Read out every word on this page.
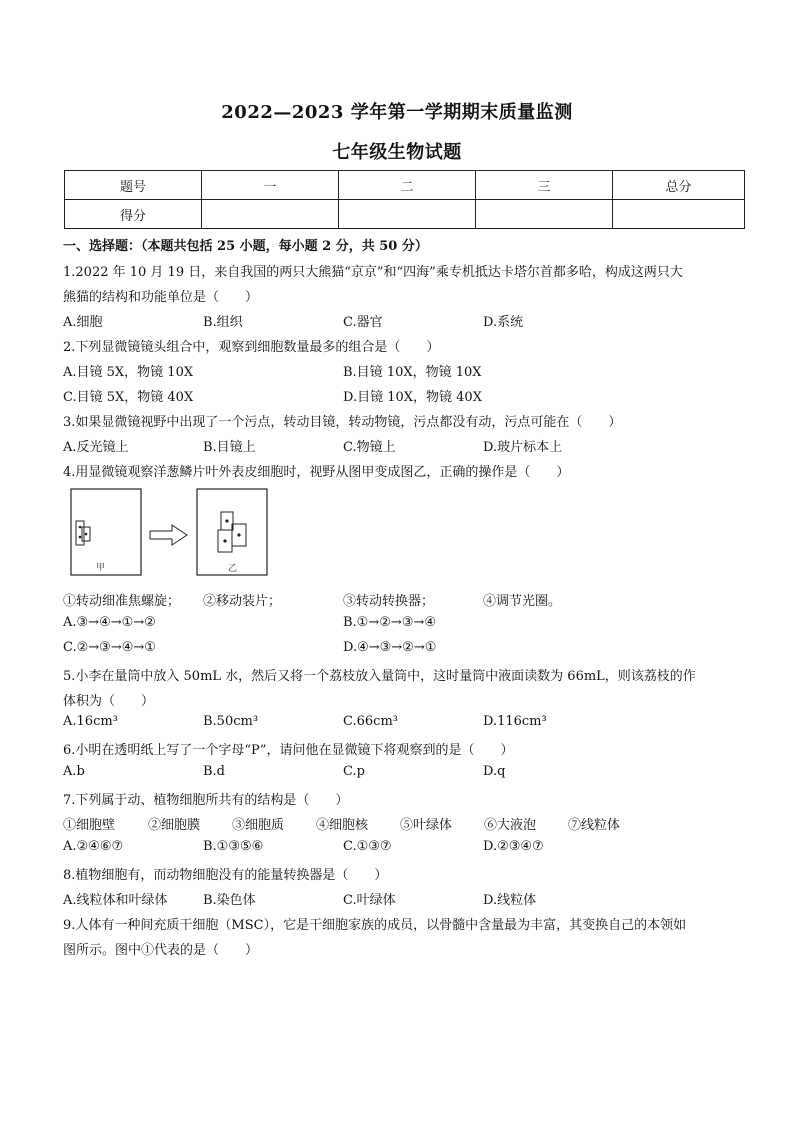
2022—2023 学年第一学期期末质量监测
七年级生物试题
题号	一	二	三	总分
得分				
一、选择题：（本题共包括 25 小题，每小题 2 分，共 50 分）
1.2022 年 10 月 19 日，来自我国的两只大熊猫“京京”和“四海”乘专机抵达卡塔尔首都多哈，构成这两只大
熊猫的结构和功能单位是（　　）
A.细胞	B.组织	C.器官	D.系统
2.下列显微镜镜头组合中，观察到细胞数量最多的组合是（　　）
A.目镜 5X，物镜 10X	B.目镜 10X，物镜 10X
C.目镜 5X，物镜 40X	D.目镜 10X，物镜 40X
3.如果显微镜视野中出现了一个污点，转动目镜，转动物镜，污点都没有动，污点可能在（　　）
A.反光镜上	B.目镜上	C.物镜上	D.玻片标本上
4.用显微镜观察洋葱鳞片叶外表皮细胞时，视野从图甲变成图乙，正确的操作是（　　）
甲	乙
①转动细准焦螺旋； ②移动装片；	③转动转换器；	④调节光圈。
A.③→④→①→②	B.①→②→③→④
C.②→③→④→①	D.④→③→②→①
5.小李在量筒中放入 50mL 水，然后又将一个荔枝放入量筒中，这时量筒中液面读数为 66mL，则该荔枝的作
体积为（　　）
A.16cm³	B.50cm³	C.66cm³	D.116cm³
6.小明在透明纸上写了一个字母“P”，请问他在显微镜下将观察到的是（　　）
A.b	B.d	C.p	D.q
7.下列属于动、植物细胞所共有的结构是（　　）
①细胞壁	②细胞膜 ③细胞质 ④细胞核 ⑤叶绿体 ⑥大液泡 ⑦线粒体
A.②④⑥⑦	B.①③⑤⑥	C.①③⑦	D.②③④⑦
8.植物细胞有，而动物细胞没有的能量转换器是（　　）
A.线粒体和叶绿体	B.染色体	C.叶绿体	D.线粒体
9.人体有一种间充质干细胞（MSC），它是干细胞家族的成员，以骨髓中含量最为丰富，其变换自己的本领如
图所示。图中①代表的是（　　）
